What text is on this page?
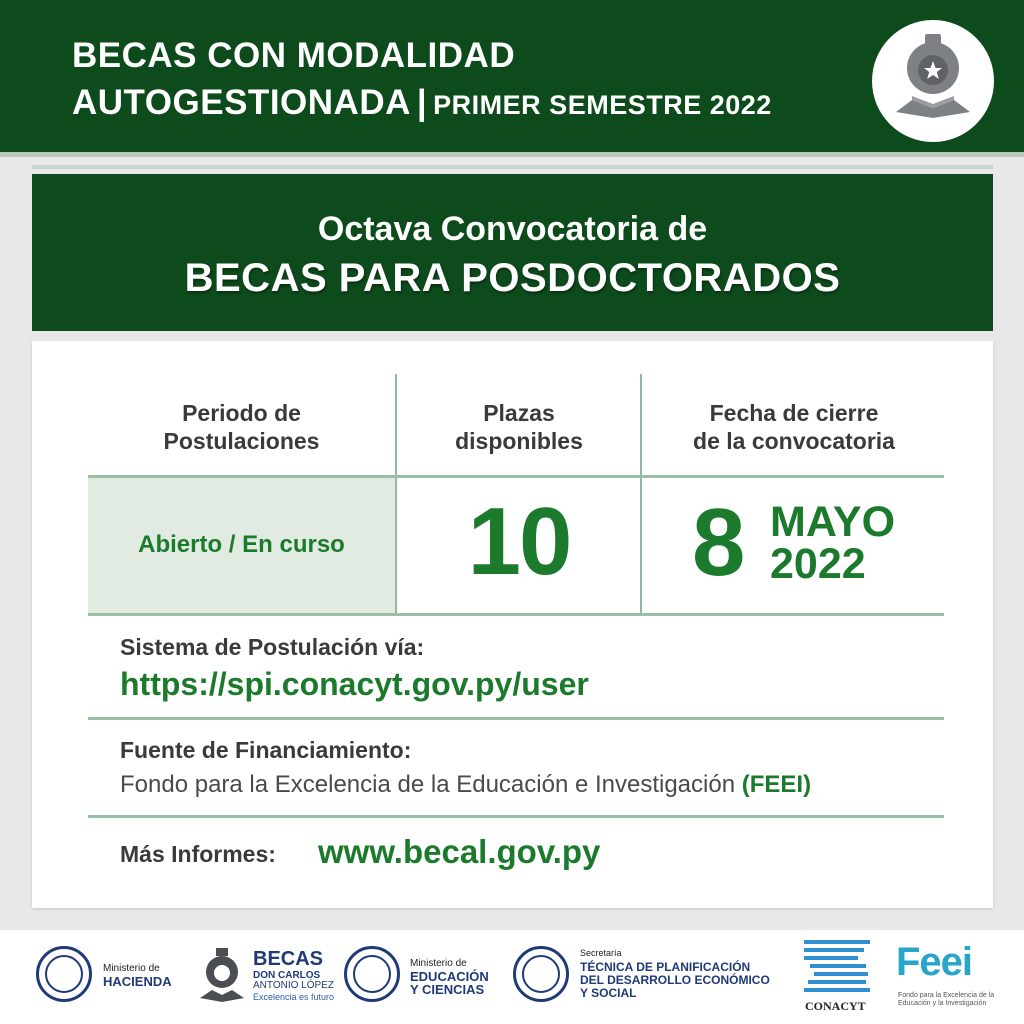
BECAS CON MODALIDAD
AUTOGESTIONADA | PRIMER SEMESTRE 2022
Octava Convocatoria de
BECAS PARA POSDOCTORADOS
Periodo de
Postulaciones
Plazas
disponibles
Fecha de cierre
de la convocatoria
Abierto / En curso	10	8 MAYO
2022
Sistema de Postulación vía:
https://spi.conacyt.gov.py/user
Fuente de Financiamiento:
Fondo para la Excelencia de la Educación e Investigación (FEEI)
Más Informes: www.becal.gov.py
Ministerio de
HACIENDA
BECAS
DON CARLOS
ANTONIO LÓPEZ
Excelencia es futuro
Ministerio de
EDUCACIÓN
Y CIENCIAS
Secretaría
TÉCNICA DE PLANIFICACIÓN
DEL DESARROLLO ECONÓMICO
Y SOCIAL
CONACYT
Feei
Fondo para la Excelencia de la Educación y la Investigación
